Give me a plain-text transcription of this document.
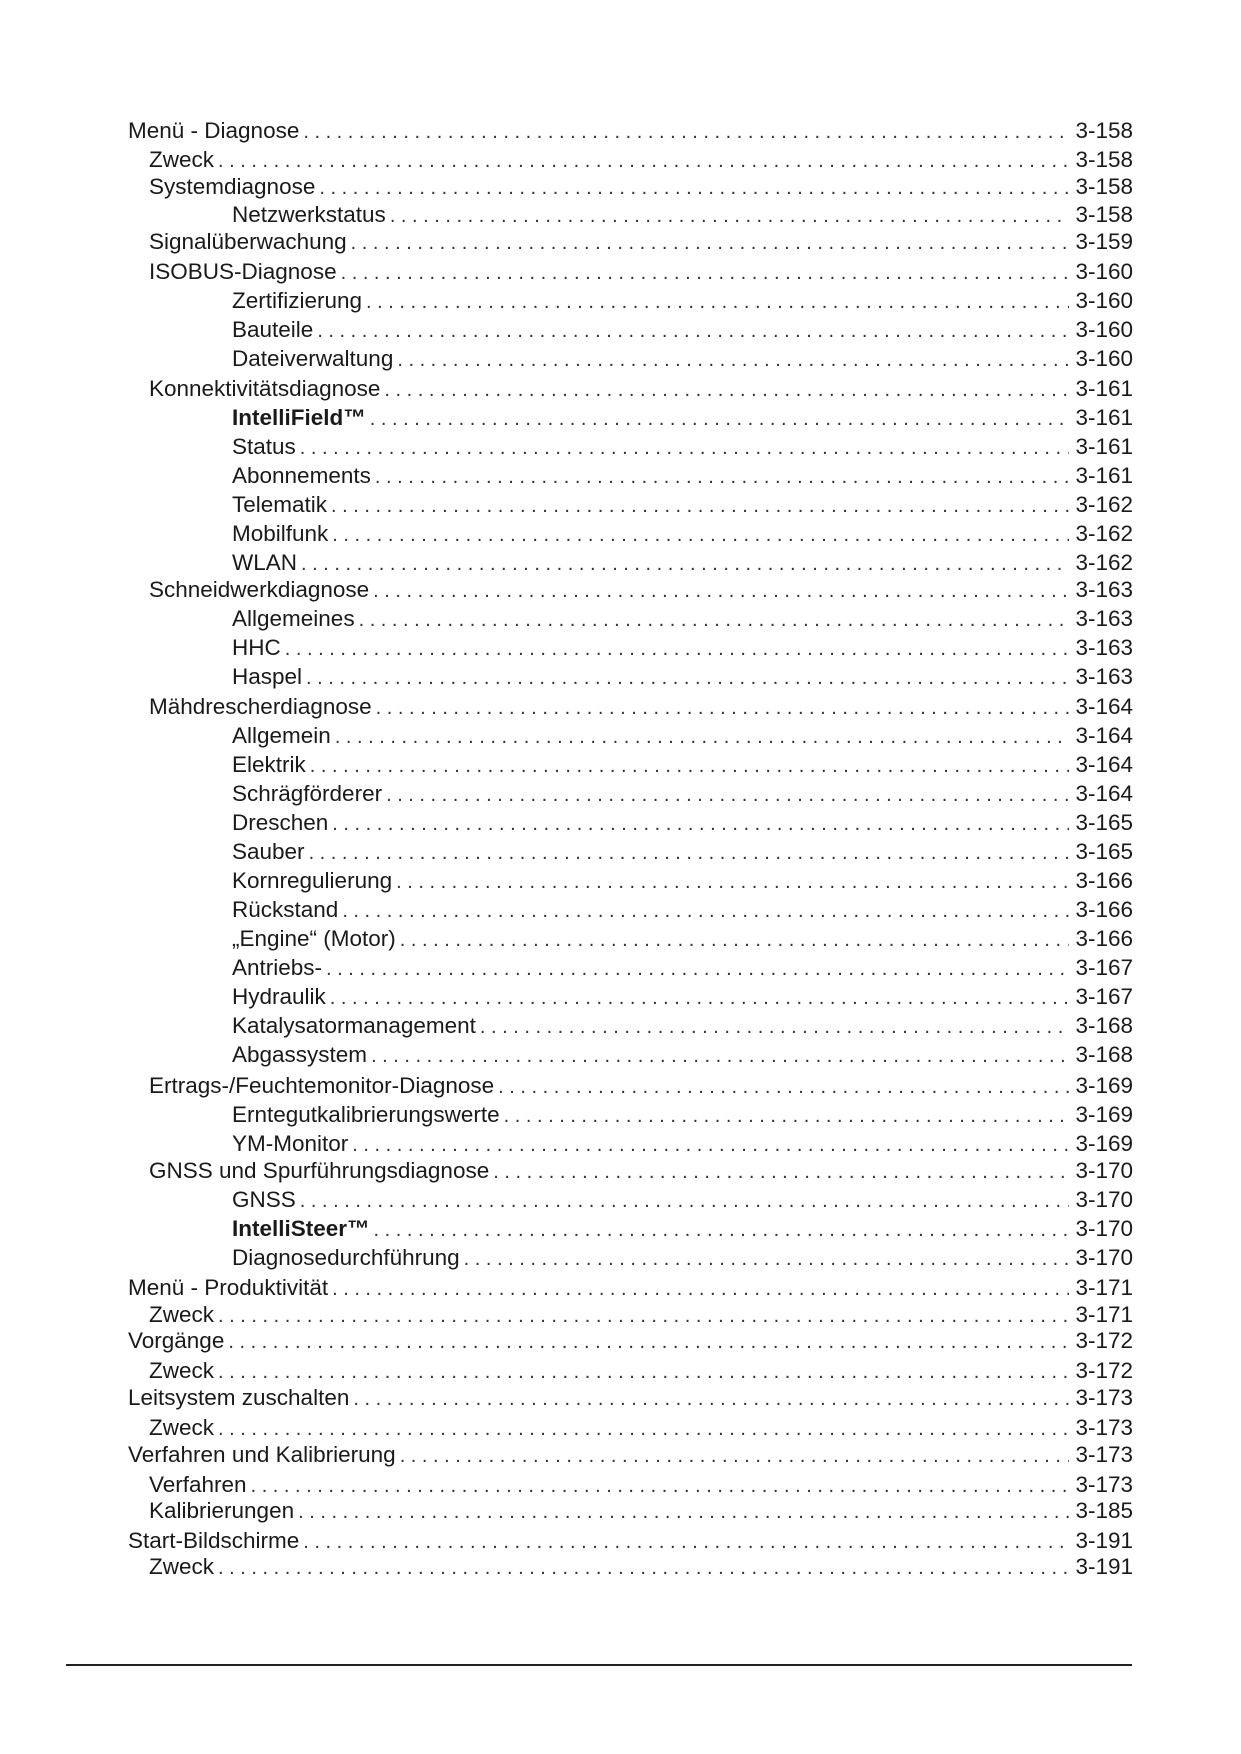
Menü - Diagnose . . .	3-158
Zweck . . .	3-158
Systemdiagnose . . .	3-158
Netzwerkstatus . . .	3-158
Signalüberwachung . . .	3-159
ISOBUS-Diagnose . . .	3-160
Zertifizierung . . .	3-160
Bauteile . . .	3-160
Dateiverwaltung . . .	3-160
Konnektivitätsdiagnose . . .	3-161
IntelliField™ . . .	3-161
Status . . .	3-161
Abonnements . . .	3-161
Telematik . . .	3-162
Mobilfunk . . .	3-162
WLAN . . .	3-162
Schneidwerkdiagnose . . .	3-163
Allgemeines . . .	3-163
HHC . . .	3-163
Haspel . . .	3-163
Mähdrescherdiagnose . . .	3-164
Allgemein . . .	3-164
Elektrik . . .	3-164
Schrägförderer . . .	3-164
Dreschen . . .	3-165
Sauber . . .	3-165
Kornregulierung . . .	3-166
Rückstand . . .	3-166
„Engine“ (Motor) . . .	3-166
Antriebs- . . .	3-167
Hydraulik . . .	3-167
Katalysatormanagement . . .	3-168
Abgassystem . . .	3-168
Ertrags-/Feuchtemonitor-Diagnose . . .	3-169
Erntegutkalibrierungswerte . . .	3-169
YM-Monitor . . .	3-169
GNSS und Spurführungsdiagnose . . .	3-170
GNSS . . .	3-170
IntelliSteer™ . . .	3-170
Diagnosedurchführung . . .	3-170
Menü - Produktivität . . .	3-171
Zweck . . .	3-171
Vorgänge . . .	3-172
Zweck . . .	3-172
Leitsystem zuschalten . . .	3-173
Zweck . . .	3-173
Verfahren und Kalibrierung . . .	3-173
Verfahren . . .	3-173
Kalibrierungen . . .	3-185
Start-Bildschirme . . .	3-191
Zweck . . .	3-191
